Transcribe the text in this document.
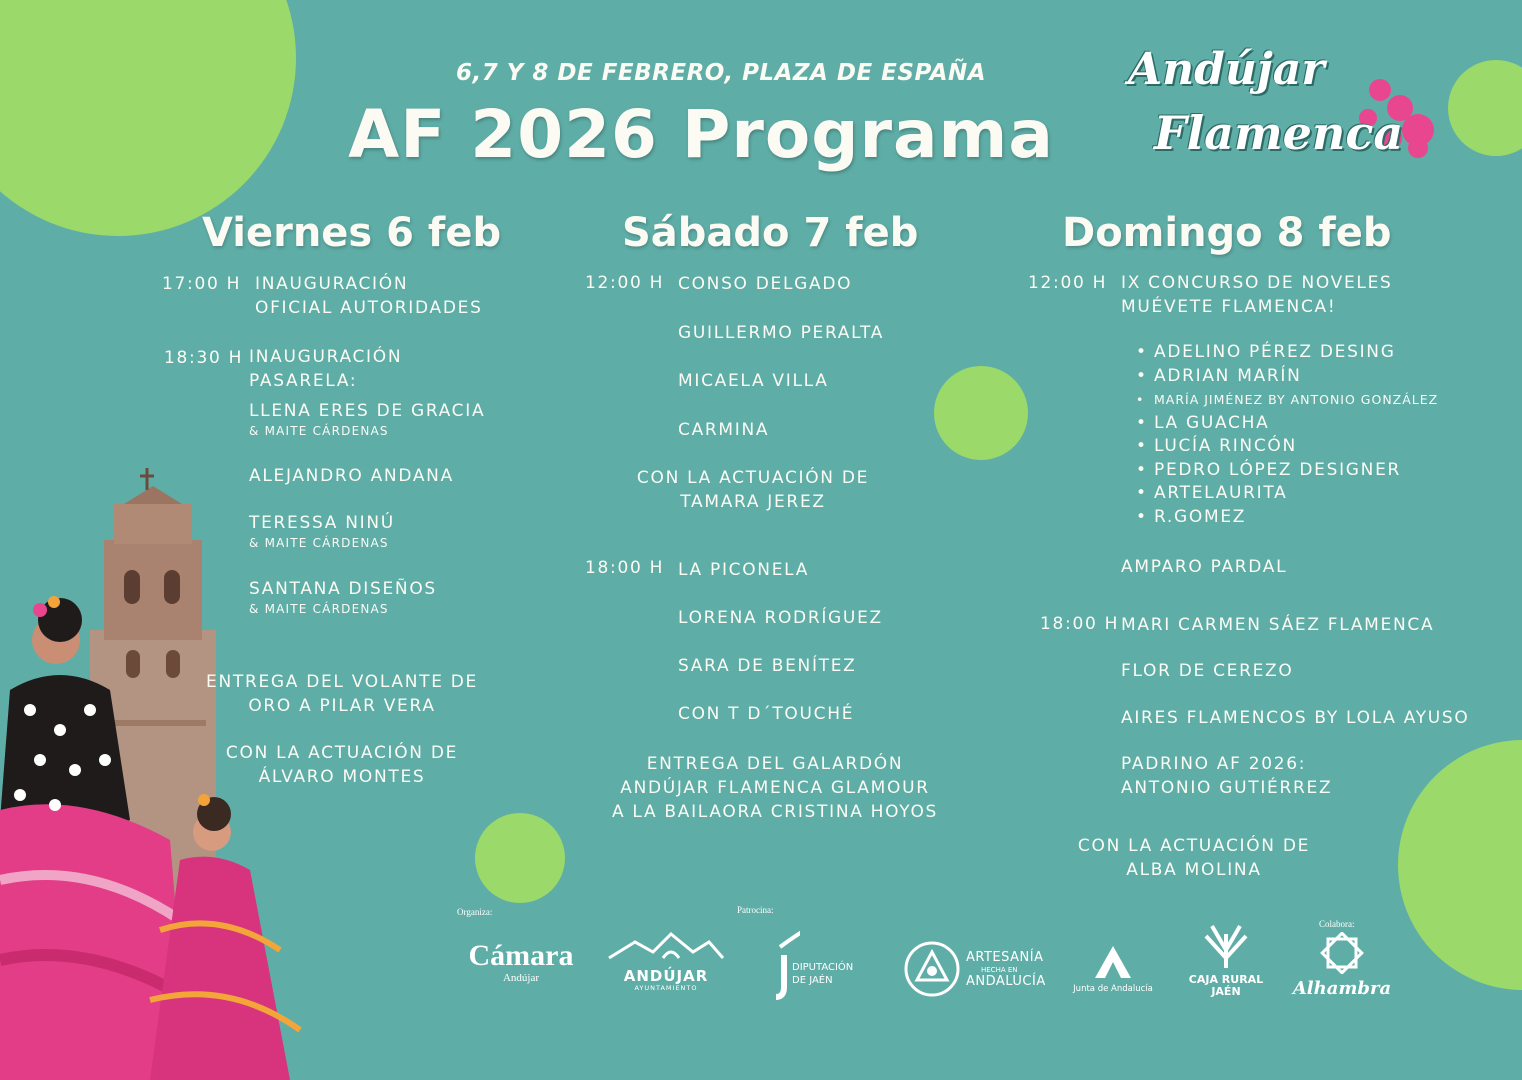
6,7 Y 8 DE FEBRERO, PLAZA DE ESPAÑA
AF 2026 Programa
Andújar
Flamenca
Viernes 6 feb
17:00 H INAUGURACIÓN
OFICIAL AUTORIDADES
18:30 H INAUGURACIÓN
PASARELA:
LLENA ERES DE GRACIA
& MAITE CÁRDENAS
ALEJANDRO ANDANA
TERESSA NINÚ
& MAITE CÁRDENAS
SANTANA DISEÑOS
& MAITE CÁRDENAS
ENTREGA DEL VOLANTE DE
ORO A PILAR VERA
CON LA ACTUACIÓN DE
ÁLVARO MONTES
Sábado 7 feb
12:00 H CONSO DELGADO
GUILLERMO PERALTA
MICAELA VILLA
CARMINA
CON LA ACTUACIÓN DE
TAMARA JEREZ
18:00 H LA PICONELA
LORENA RODRÍGUEZ
SARA DE BENÍTEZ
CON T D´TOUCHÉ
ENTREGA DEL GALARDÓN
ANDÚJAR FLAMENCA GLAMOUR
A LA BAILAORA CRISTINA HOYOS
Domingo 8 feb
12:00 H IX CONCURSO DE NOVELES
MUÉVETE FLAMENCA!
• ADELINO PÉREZ DESING
• ADRIAN MARÍN
• MARÍA JIMÉNEZ BY ANTONIO GONZÁLEZ
• LA GUACHA
• LUCÍA RINCÓN
• PEDRO LÓPEZ DESIGNER
• ARTELAURITA
• R.GOMEZ
AMPARO PARDAL
18:00 H MARI CARMEN SÁEZ FLAMENCA
FLOR DE CEREZO
AIRES FLAMENCOS BY LOLA AYUSO
PADRINO AF 2026:
ANTONIO GUTIÉRREZ
CON LA ACTUACIÓN DE
ALBA MOLINA
Organiza:	Patrocina:
Colabora:
Cámara
Andújar	ANDÚJAR
AYUNTAMIENTO
DIPUTACIÓN
DE JAÉN
ARTESANÍA
HECHA EN
ANDALUCÍA	Junta de Andalucía
CAJA RURAL
JAÉN	Alhambra
